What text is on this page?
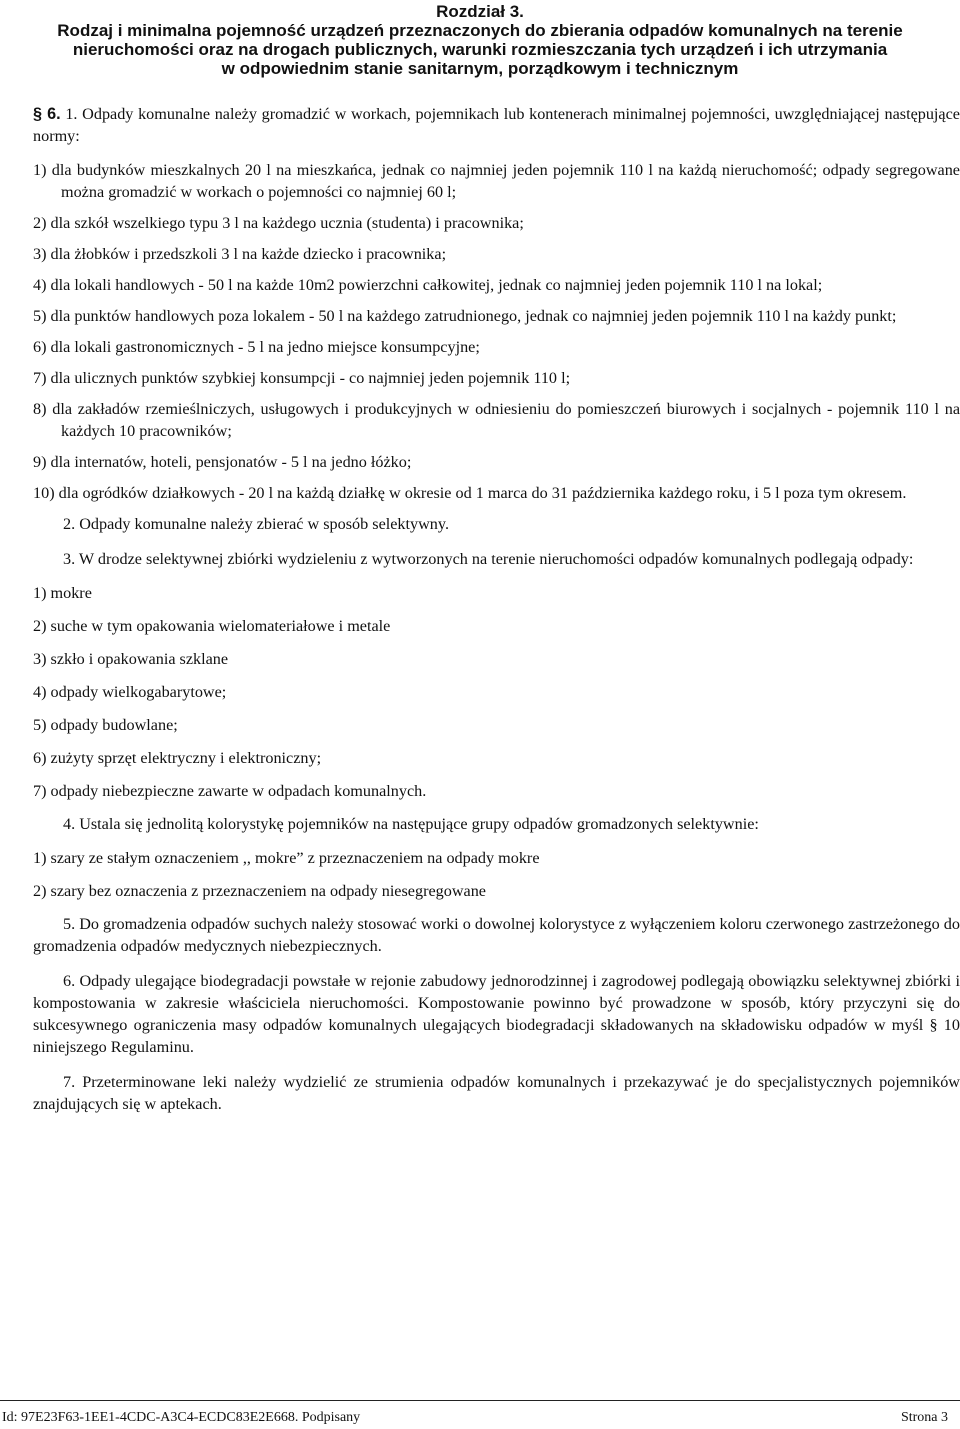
Rozdział 3.
Rodzaj i minimalna pojemność urządzeń przeznaczonych do zbierania odpadów komunalnych na terenie
nieruchomości oraz na drogach publicznych, warunki rozmieszczania tych urządzeń i ich utrzymania
w odpowiednim stanie sanitarnym, porządkowym i technicznym

§ 6. 1. Odpady komunalne należy gromadzić w workach, pojemnikach lub kontenerach minimalnej pojemności, uwzględniającej następujące normy:

1) dla budynków mieszkalnych 20 l na mieszkańca, jednak co najmniej jeden pojemnik 110 l na każdą nieruchomość; odpady segregowane można gromadzić w workach o pojemności co najmniej 60 l;

2) dla szkół wszelkiego typu 3 l na każdego ucznia (studenta) i pracownika;

3) dla żłobków i przedszkoli 3 l na każde dziecko i pracownika;

4) dla lokali handlowych - 50 l na każde 10m2 powierzchni całkowitej, jednak co najmniej jeden pojemnik 110 l na lokal;

5) dla punktów handlowych poza lokalem - 50 l na każdego zatrudnionego, jednak co najmniej jeden pojemnik 110 l na każdy punkt;

6) dla lokali gastronomicznych - 5 l na jedno miejsce konsumpcyjne;

7) dla ulicznych punktów szybkiej konsumpcji - co najmniej jeden pojemnik 110 l;

8) dla zakładów rzemieślniczych, usługowych i produkcyjnych w odniesieniu do pomieszczeń biurowych i socjalnych - pojemnik 110 l na każdych 10 pracowników;

9) dla internatów, hoteli, pensjonatów - 5 l na jedno łóżko;

10) dla ogródków działkowych - 20 l na każdą działkę w okresie od 1 marca do 31 października każdego roku, i 5 l poza tym okresem.

2. Odpady komunalne należy zbierać w sposób selektywny.

3. W drodze selektywnej zbiórki wydzieleniu z wytworzonych na terenie nieruchomości odpadów komunalnych podlegają odpady:

1) mokre

2) suche w tym opakowania wielomateriałowe i metale

3) szkło i opakowania szklane

4) odpady wielkogabarytowe;

5) odpady budowlane;

6) zużyty sprzęt elektryczny i elektroniczny;

7) odpady niebezpieczne zawarte w odpadach komunalnych.

4. Ustala się jednolitą kolorystykę pojemników na następujące grupy odpadów gromadzonych selektywnie:

1) szary ze stałym oznaczeniem ,, mokre” z przeznaczeniem na odpady mokre

2) szary bez oznaczenia z przeznaczeniem na odpady niesegregowane

5. Do gromadzenia odpadów suchych należy stosować worki o dowolnej kolorystyce z wyłączeniem koloru czerwonego zastrzeżonego do gromadzenia odpadów medycznych niebezpiecznych.

6. Odpady ulegające biodegradacji powstałe w rejonie zabudowy jednorodzinnej i zagrodowej podlegają obowiązku selektywnej zbiórki i kompostowania w zakresie właściciela nieruchomości. Kompostowanie powinno być prowadzone w sposób, który przyczyni się do sukcesywnego ograniczenia masy odpadów komunalnych ulegających biodegradacji składowanych na składowisku odpadów w myśl § 10 niniejszego Regulaminu.

7. Przeterminowane leki należy wydzielić ze strumienia odpadów komunalnych i przekazywać je do specjalistycznych pojemników znajdujących się w aptekach.

Id: 97E23F63-1EE1-4CDC-A3C4-ECDC83E2E668. Podpisany	Strona 3
